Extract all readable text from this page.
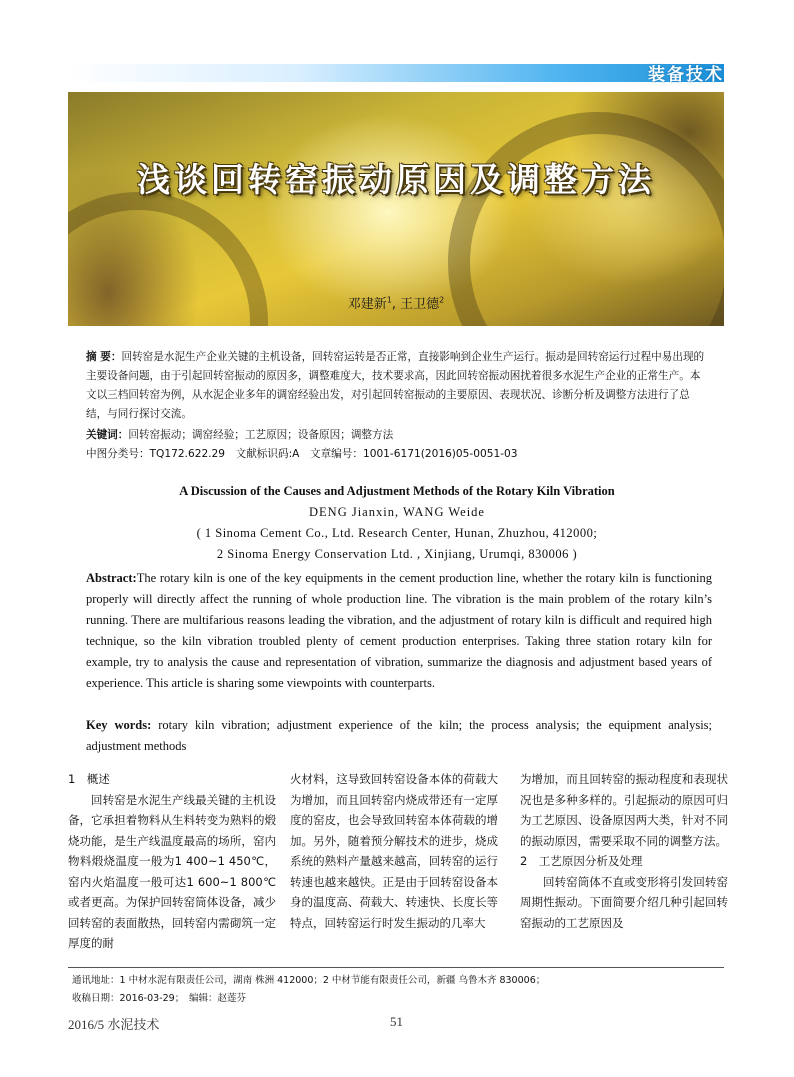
装备技术
浅谈回转窑振动原因及调整方法
邓建新$^1$, 王卫德$^2$
摘 要：回转窑是水泥生产企业关键的主机设备，回转窑运转是否正常，直接影响到企业生产运行。振动是回转窑运行过程中易出现的主要设备问题，由于引起回转窑振动的原因多，调整难度大，技术要求高，因此回转窑振动困扰着很多水泥生产企业的正常生产。本文以三档回转窑为例，从水泥企业多年的调窑经验出发，对引起回转窑振动的主要原因、表现状况、诊断分析及调整方法进行了总结，与同行探讨交流。
关键词：回转窑振动；调窑经验；工艺原因；设备原因；调整方法
中图分类号：TQ172.622.29　文献标识码:A　文章编号：1001-6171(2016)05-0051-03
A Discussion of the Causes and Adjustment Methods of the Rotary Kiln Vibration
DENG Jianxin, WANG Weide
( 1 Sinoma Cement Co., Ltd. Research Center, Hunan, Zhuzhou, 412000;
2 Sinoma Energy Conservation Ltd. , Xinjiang, Urumqi, 830006 )
Abstract:The rotary kiln is one of the key equipments in the cement production line, whether the rotary kiln is functioning properly will directly affect the running of whole production line. The vibration is the main problem of the rotary kiln’s running. There are multifarious reasons leading the vibration, and the adjustment of rotary kiln is difficult and required high technique, so the kiln vibration troubled plenty of cement production enterprises. Taking three station rotary kiln for example, try to analysis the cause and representation of vibration, summarize the diagnosis and adjustment based years of experience. This article is sharing some viewpoints with counterparts.
Key words: rotary kiln vibration; adjustment experience of the kiln; the process analysis; the equipment analysis; adjustment methods

1　概述

回转窑是水泥生产线最关键的主机设备，它承担着物料从生料转变为熟料的煅烧功能，是生产线温度最高的场所，窑内物料煅烧温度一般为1 400~1 450℃，窑内火焰温度一般可达1 600~1 800℃或者更高。为保护回转窑筒体设备，减少回转窑的表面散热，回转窑内需砌筑一定厚度的耐

火材料，这导致回转窑设备本体的荷载大为增加，而且回转窑内烧成带还有一定厚度的窑皮，也会导致回转窑本体荷载的增加。另外，随着预分解技术的进步，烧成系统的熟料产量越来越高，回转窑的运行转速也越来越快。正是由于回转窑设备本身的温度高、荷载大、转速快、长度长等特点，回转窑运行时发生振动的几率大

为增加，而且回转窑的振动程度和表现状况也是多种多样的。引起振动的原因可归为工艺原因、设备原因两大类，针对不同的振动原因，需要采取不同的调整方法。

2　工艺原因分析及处理

回转窑筒体不直或变形将引发回转窑周期性振动。下面简要介绍几种引起回转窑振动的工艺原因及

通讯地址：1 中材水泥有限责任公司，湖南 株洲 412000；2 中材节能有限责任公司，新疆 乌鲁木齐 830006；
收稿日期：2016-03-29；　编辑：赵莲芬
2016/5 水泥技术	51
